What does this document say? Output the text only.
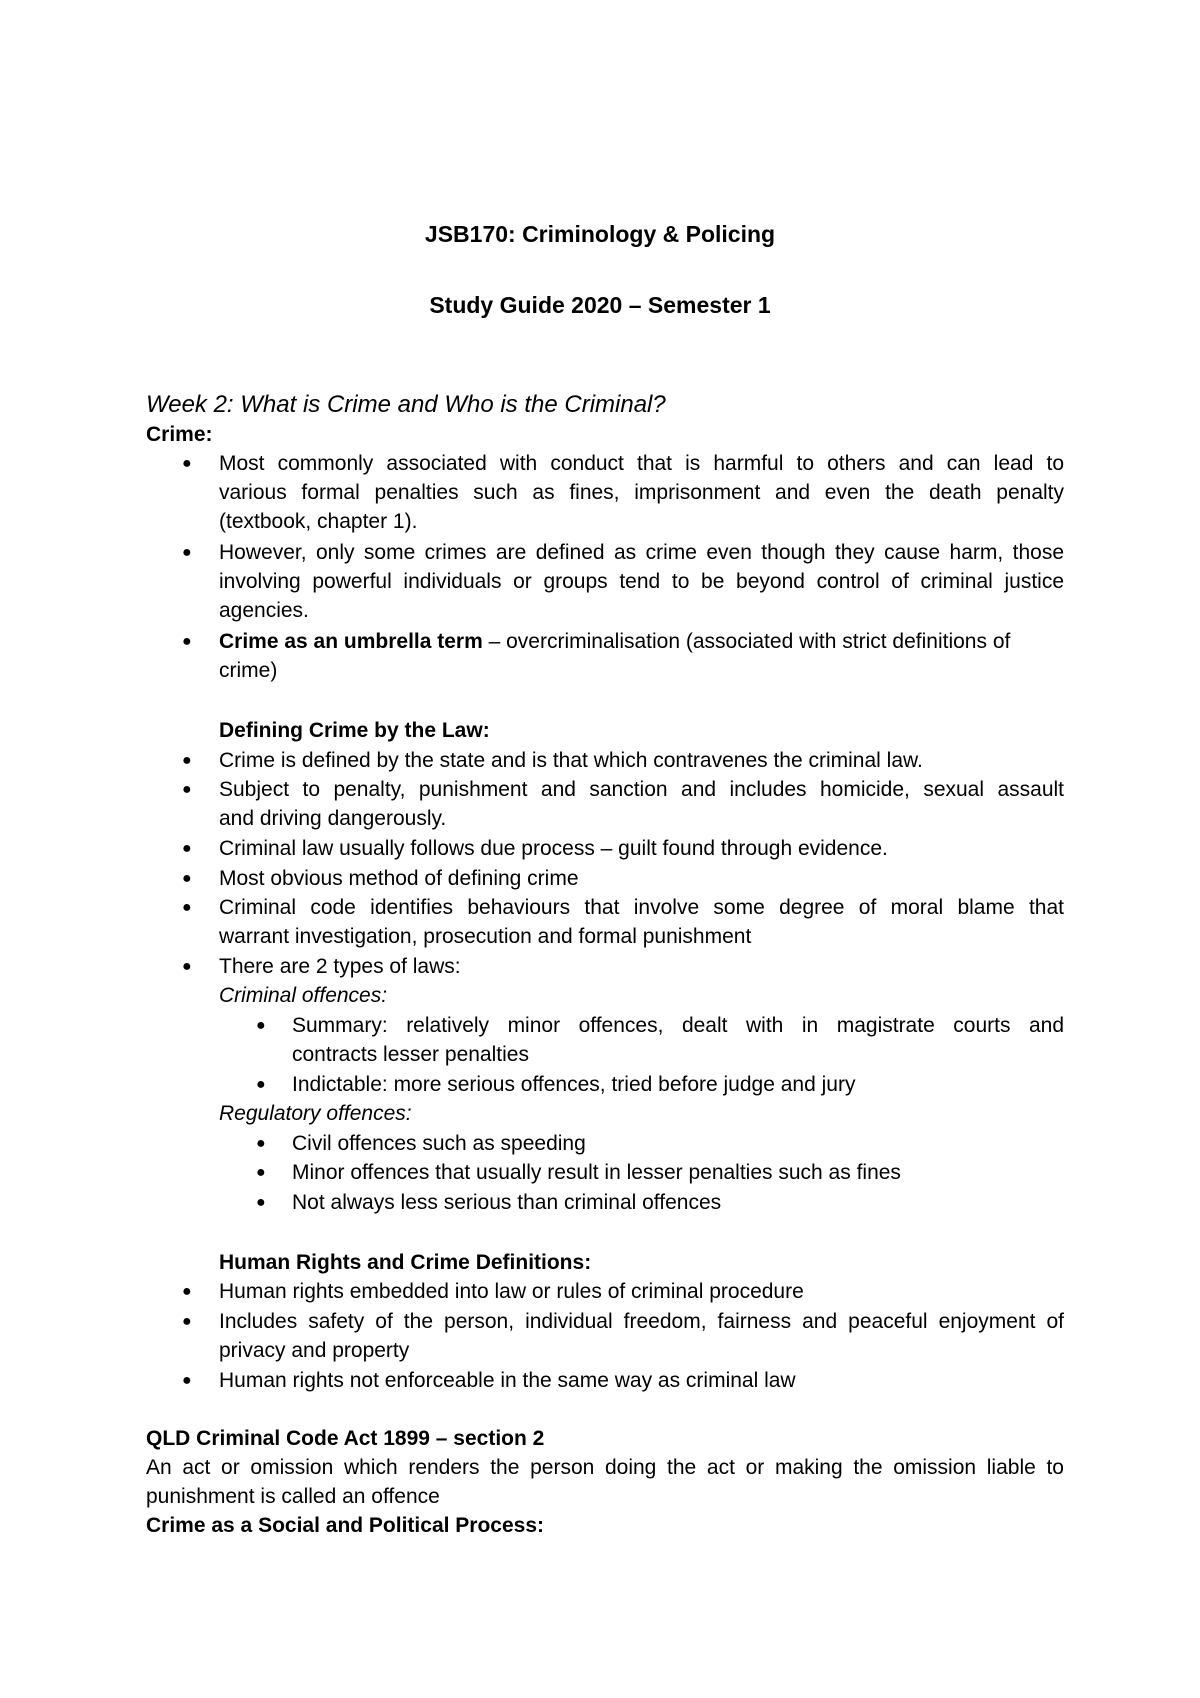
JSB170: Criminology & Policing
Study Guide 2020 – Semester 1
Week 2: What is Crime and Who is the Criminal?
Crime:
● Most commonly associated with conduct that is harmful to others and can lead to
various formal penalties such as fines, imprisonment and even the death penalty
(textbook, chapter 1).
● However, only some crimes are defined as crime even though they cause harm, those
involving powerful individuals or groups tend to be beyond control of criminal justice
agencies.
● Crime as an umbrella term – overcriminalisation (associated with strict definitions of
crime)
Defining Crime by the Law:
● Crime is defined by the state and is that which contravenes the criminal law.
● Subject to penalty, punishment and sanction and includes homicide, sexual assault
and driving dangerously.
● Criminal law usually follows due process – guilt found through evidence.
● Most obvious method of defining crime
● Criminal code identifies behaviours that involve some degree of moral blame that
warrant investigation, prosecution and formal punishment
● There are 2 types of laws:
Criminal offences:
● Summary: relatively minor offences, dealt with in magistrate courts and
contracts lesser penalties
● Indictable: more serious offences, tried before judge and jury
Regulatory offences:
● Civil offences such as speeding
● Minor offences that usually result in lesser penalties such as fines
● Not always less serious than criminal offences
Human Rights and Crime Definitions:
● Human rights embedded into law or rules of criminal procedure
● Includes safety of the person, individual freedom, fairness and peaceful enjoyment of
privacy and property
● Human rights not enforceable in the same way as criminal law
QLD Criminal Code Act 1899 – section 2
An act or omission which renders the person doing the act or making the omission liable to
punishment is called an offence
Crime as a Social and Political Process:
